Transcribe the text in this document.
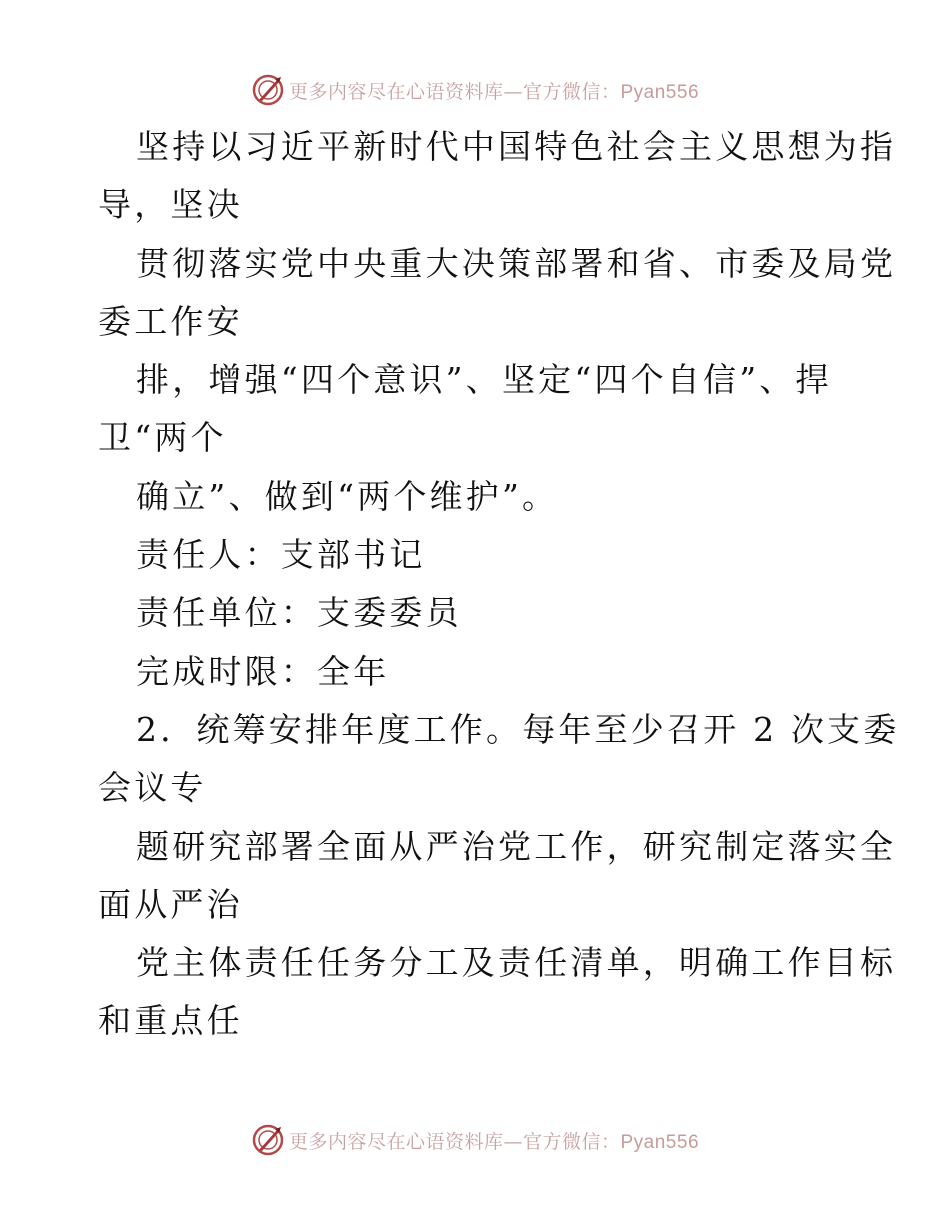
更多内容尽在心语资料库—官方微信：Pyan556
坚持以习近平新时代中国特色社会主义思想为指
导，坚决
贯彻落实党中央重大决策部署和省、市委及局党
委工作安
排，增强“四个意识”、坚定“四个自信”、捍
卫“两个
确立”、做到“两个维护”。
责任人：支部书记
责任单位：支委委员
完成时限：全年
2．统筹安排年度工作。每年至少召开 2 次支委
会议专
题研究部署全面从严治党工作，研究制定落实全
面从严治
党主体责任任务分工及责任清单，明确工作目标
和重点任
更多内容尽在心语资料库—官方微信：Pyan556
